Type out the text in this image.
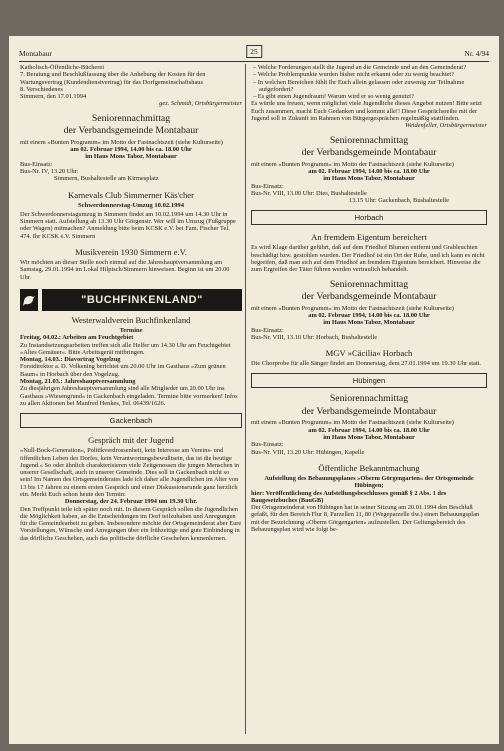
Montabaur	25	Nr. 4/94

Katholisch-Öffentliche-Bücherei

7. Beratung und Beschlußfassung über die Anhebung der Kosten für den Wartungsvertrag (Kundendienstvertrag) für das Dorfgemeinschaftshaus

8. Verschiedenes

Simmern, den 17.01.1994

gez. Schmidt, Ortsbürgermeister

Seniorennachmittag

der Verbandsgemeinde Montabaur

mit einem »Bunten Programm« im Motto der Fastnachtszeit (siehe Kulturseite)

am 02. Februar 1994, 14.00 bis ca. 18.00 Uhr

im Haus Mons Tabor, Montabaur

Bus-Einsatz:

Bus-Nr. IV, 13.20 Uhr:

Simmern, Bushaltestelle am Kirmesplatz

Karnevals Club Simmerner Käs'cher

Schwerdonnerstag-Umzug 10.02.1994

Der Schwerdonnerstagumzug in Simmern findet am 10.02.1994 um 14.30 Uhr in Simmern statt. Aufstellung ab 13.30 Uhr Görgenstr. Wer will im Umzug (Fußgruppe oder Wagen) mitmachen? Anmeldung bitte beim KCSK e.V. bei Fam. Fischer Tel. 474. Ihr KCSK e.V. Simmern

Musikverein 1930 Simmern e.V.

Wir möchten an dieser Stelle noch einmal auf die Jahreshauptversammlung am Samstag, 29.01.1994 im Lokal Hilpisch/Simmern hinweisen. Beginn ist um 20.00 Uhr.

"BUCHFINKENLAND"

Westerwaldverein Buchfinkenland

Termine

Freitag, 04.02.: Arbeiten am Feuchtgebiet

Zu Instandsetzungsarbeiten treffen sich alle Helfer um 14.30 Uhr am Feuchtgebiet »Altes Gemäuer«. Bitte Arbeitsgerät mitbringen.

Montag, 14.03.: Diavortrag Vogelzug

Forstdirektor a. D. Volkening berichtet um 20.00 Uhr im Gasthaus »Zum grünen Baum« in Horbach über den Vogelzug.

Montag, 21.03.: Jahreshauptversammlung

Zu diesjährigen Jahreshauptversammlung sind alle Mitglieder um 20.00 Uhr ins Gasthaus »Wiesengrund« in Gackenbach eingeladen. Termine bitte vormerken! Infos zu allen Aktionen bei Manfred Henkes, Tel. 06439/1626.

Gackenbach

Gespräch mit der Jugend

»Null-Bock-Generation«, Politikverdrossenheit, kein Interesse am Vereins- und öffentlichen Leben des Dorfes, kein Verantwortungsbewußtsein, das ist die heutige Jugend.« So oder ähnlich charakterisieren viele Zeitgenossen die jungen Menschen in unserer Gesellschaft, auch in unserer Gemeinde. Dies soll in Gackenbach nicht so sein! Im Namen des Ortsgemeinderates lade ich daher alle Jugendlichen im Alter von 13 bis 17 Jahren zu einem ersten Gespräch und einer Diskussionsrunde ganz herzlich ein. Merkt Euch schon heute den Termin:

Donnerstag, der 24. Februar 1994 um 19.30 Uhr.

Den Treffpunkt teile ich später noch mit. In diesem Gespräch sollen die Jugendlichen die Möglichkeit haben, an die Entscheidungen im Dorf teilzuhaben und Anregungen für die Gemeindearbeit zu geben. Insbesondere möchte der Ortsgemeinderat aber Eure Vorstellungen, Wünsche und Anregungen über ein frühzeitige und gute Einbindung in das dörfliche Geschehen, auch das politische dörfliche Geschehen kennenlernen.

– Welche Forderungen stellt die Jugend an die Gemeinde und an den Gemeinderat?

– Welche Problempunkte wurden bisher nicht erkannt oder zu wenig beachtet?

– In welchen Bereichen fühlt Ihr Euch allein gelassen oder zuwenig zur Teilnahme aufgefordert?

– Es gibt einen Jugendraum! Warum wird er so wenig genutzt?

Es würde uns freuen, wenn möglichst viele Jugendliche dieses Angebot nutzen! Bitte setzt Euch zusammen, macht Euch Gedanken und kommt alle!! Diese Gesprächsreihe mit der Jugend soll in Zukunft im Rahmen von Bürgergesprächen regelmäßig stattfinden.

Weidenfeller, Ortsbürgermeister

Seniorennachmittag

der Verbandsgemeinde Montabaur

mit einem »Bunten Programm« im Motto der Fastnachtszeit (siehe Kulturseite)

am 02. Februar 1994, 14.00 bis ca. 18.00 Uhr

im Haus Mons Tabor, Montabaur

Bus-Einsatz:

Bus-Nr. VIII, 13.00 Uhr: Dies, Bushaltestelle

13.15 Uhr: Gackenbach, Bushaltestelle

Horbach

An fremdem Eigentum bereichert

Es wird Klage darüber geführt, daß auf dem Friedhof Blumen entfernt und Grableuchten beschädigt bzw. gestohlen wurden. Der Friedhof ist ein Ort der Ruhe, und ich kann es nicht begreifen, daß man sich auf dem Friedhof an fremdem Eigentum bereichert. Hinweise die zum Ergreifen der Täter führen werden vertraulich behandelt.

Seniorennachmittag

der Verbandsgemeinde Montabaur

mit einem »Bunten Programm« im Motto der Fastnachtszeit (siehe Kulturseite)

am 02. Februar 1994, 14.00 bis ca. 18.00 Uhr

im Haus Mons Tabor, Montabaur

Bus-Einsatz:

Bus-Nr. VIII, 13.10 Uhr: Horbach, Bushaltestelle

MGV »Cäcilia« Horbach

Die Chorprobe für alle Sänger findet am Donnerstag, dem 27.01.1994 um 19.30 Uhr statt.

Hübingen

Seniorennachmittag

der Verbandsgemeinde Montabaur

mit einem »Bunten Programm« im Motto der Fastnachtszeit (siehe Kulturseite)

am 02. Februar 1994, 14.00 bis ca. 18.00 Uhr

im Haus Mons Tabor, Montabaur

Bus-Einsatz:

Bus-Nr. VIII, 13.20 Uhr: Hübingen, Kapelle

Öffentliche Bekanntmachung

Aufstellung des Bebauungsplanes »Oberm Görgengarten« der Ortsgemeinde Hübingen;

hier: Veröffentlichung des Aufstellungsbeschlusses gemäß § 2 Abs. 1 des Baugesetzbuches (BauGB)

Der Ortsgemeinderat von Hübingen hat in seiner Sitzung am 20.01.1994 den Beschluß gefaßt, für den Bereich Flur 8, Parzellen 11, 80 (Wegeparzelle tlw.) einen Bebauungsplan mit der Bezeichnung »Oberm Görgengarten« aufzustellen. Der Geltungsbereich des Bebauungsplan wird wie folgt be-
